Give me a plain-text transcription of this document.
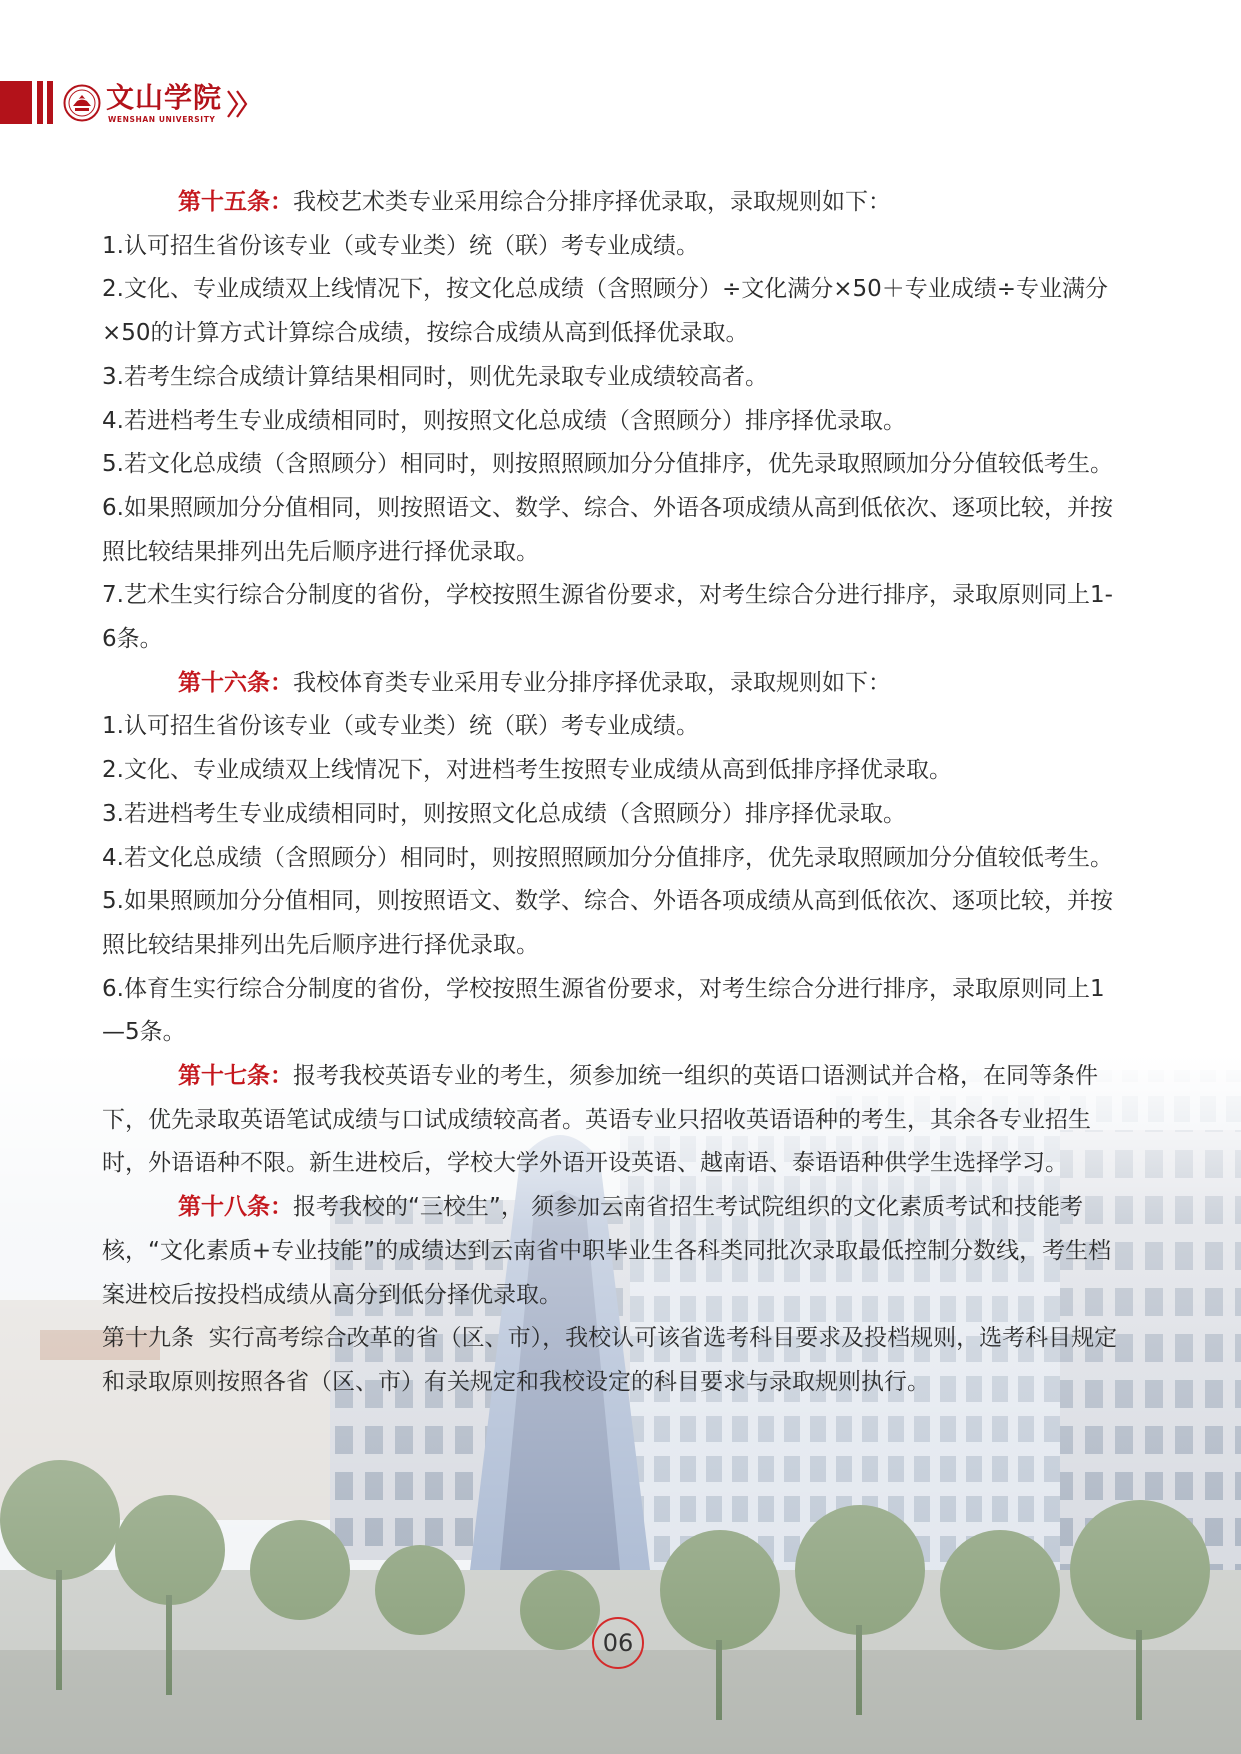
文山学院
WENSHAN UNIVERSITY

第十五条：我校艺术类专业采用综合分排序择优录取，录取规则如下：

1.认可招生省份该专业（或专业类）统（联）考专业成绩。

2.文化、专业成绩双上线情况下，按文化总成绩（含照顾分）÷文化满分×50＋专业成绩÷专业满分×50的计算方式计算综合成绩，按综合成绩从高到低择优录取。

3.若考生综合成绩计算结果相同时，则优先录取专业成绩较高者。

4.若进档考生专业成绩相同时，则按照文化总成绩（含照顾分）排序择优录取。

5.若文化总成绩（含照顾分）相同时，则按照照顾加分分值排序，优先录取照顾加分分值较低考生。

6.如果照顾加分分值相同，则按照语文、数学、综合、外语各项成绩从高到低依次、逐项比较，并按照比较结果排列出先后顺序进行择优录取。

7.艺术生实行综合分制度的省份，学校按照生源省份要求，对考生综合分进行排序，录取原则同上1-6条。

第十六条：我校体育类专业采用专业分排序择优录取，录取规则如下：

1.认可招生省份该专业（或专业类）统（联）考专业成绩。

2.文化、专业成绩双上线情况下，对进档考生按照专业成绩从高到低排序择优录取。

3.若进档考生专业成绩相同时，则按照文化总成绩（含照顾分）排序择优录取。

4.若文化总成绩（含照顾分）相同时，则按照照顾加分分值排序，优先录取照顾加分分值较低考生。

5.如果照顾加分分值相同，则按照语文、数学、综合、外语各项成绩从高到低依次、逐项比较，并按照比较结果排列出先后顺序进行择优录取。

6.体育生实行综合分制度的省份，学校按照生源省份要求，对考生综合分进行排序，录取原则同上1—5条。

第十七条：报考我校英语专业的考生，须参加统一组织的英语口语测试并合格，在同等条件下，优先录取英语笔试成绩与口试成绩较高者。英语专业只招收英语语种的考生，其余各专业招生时，外语语种不限。新生进校后，学校大学外语开设英语、越南语、泰语语种供学生选择学习。

第十八条：报考我校的“三校生”， 须参加云南省招生考试院组织的文化素质考试和技能考核，“文化素质+专业技能”的成绩达到云南省中职毕业生各科类同批次录取最低控制分数线，考生档案进校后按投档成绩从高分到低分择优录取。

第十九条  实行高考综合改革的省（区、市），我校认可该省选考科目要求及投档规则，选考科目规定和录取原则按照各省（区、市）有关规定和我校设定的科目要求与录取规则执行。

06
